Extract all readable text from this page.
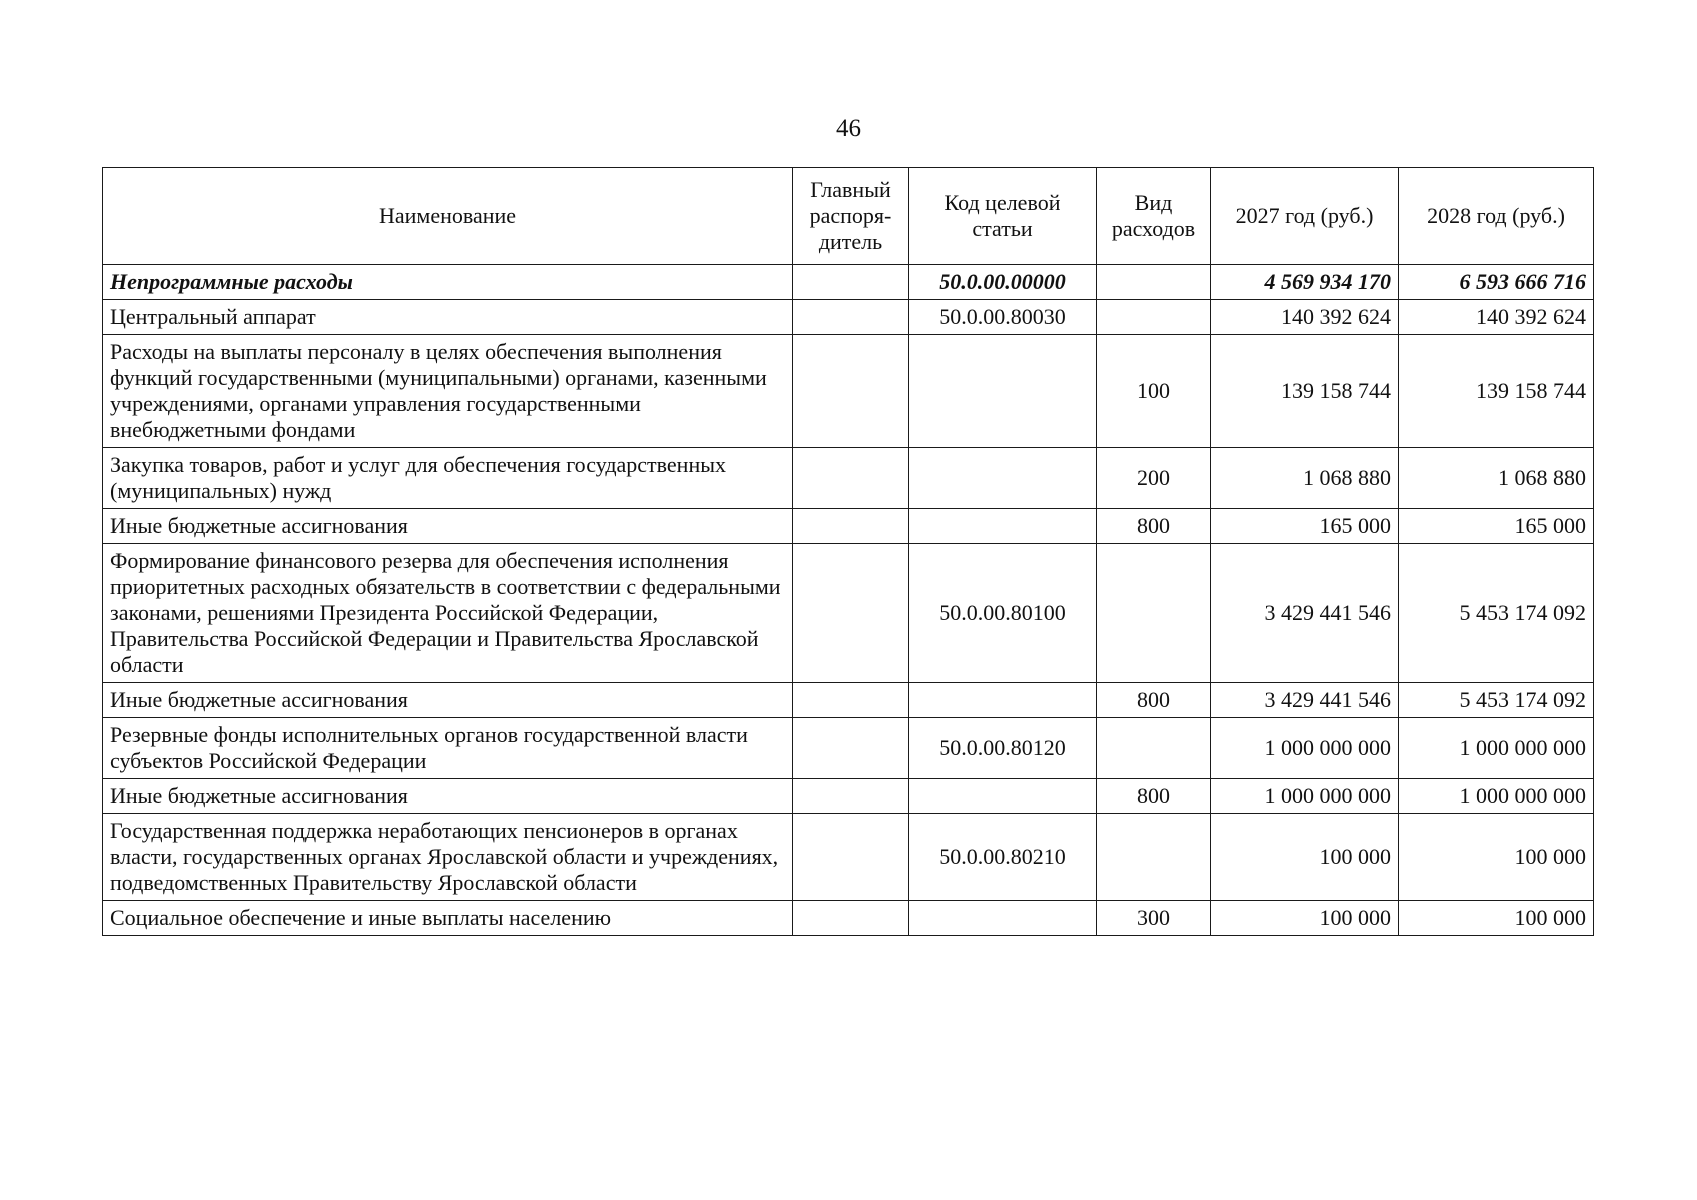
46
Наименование	Главный распоря-дитель	Код целевой статьи	Вид расходов	2027 год (руб.)	2028 год (руб.)
Непрограммные расходы		50.0.00.00000		4 569 934 170	6 593 666 716
Центральный аппарат		50.0.00.80030		140 392 624	140 392 624
Расходы на выплаты персоналу в целях обеспечения выполнения функций государственными (муниципальными) органами, казенными учреждениями, органами управления государственными внебюджетными фондами			100	139 158 744	139 158 744
Закупка товаров, работ и услуг для обеспечения государственных (муниципальных) нужд			200	1 068 880	1 068 880
Иные бюджетные ассигнования			800	165 000	165 000
Формирование финансового резерва для обеспечения исполнения приоритетных расходных обязательств в соответствии с федеральными законами, решениями Президента Российской Федерации, Правительства Российской Федерации и Правительства Ярославской области		50.0.00.80100		3 429 441 546	5 453 174 092
Иные бюджетные ассигнования			800	3 429 441 546	5 453 174 092
Резервные фонды исполнительных органов государственной власти субъектов Российской Федерации		50.0.00.80120		1 000 000 000	1 000 000 000
Иные бюджетные ассигнования			800	1 000 000 000	1 000 000 000
Государственная поддержка неработающих пенсионеров в органах власти, государственных органах Ярославской области и учреждениях, подведомственных Правительству Ярославской области		50.0.00.80210		100 000	100 000
Социальное обеспечение и иные выплаты населению			300	100 000	100 000
